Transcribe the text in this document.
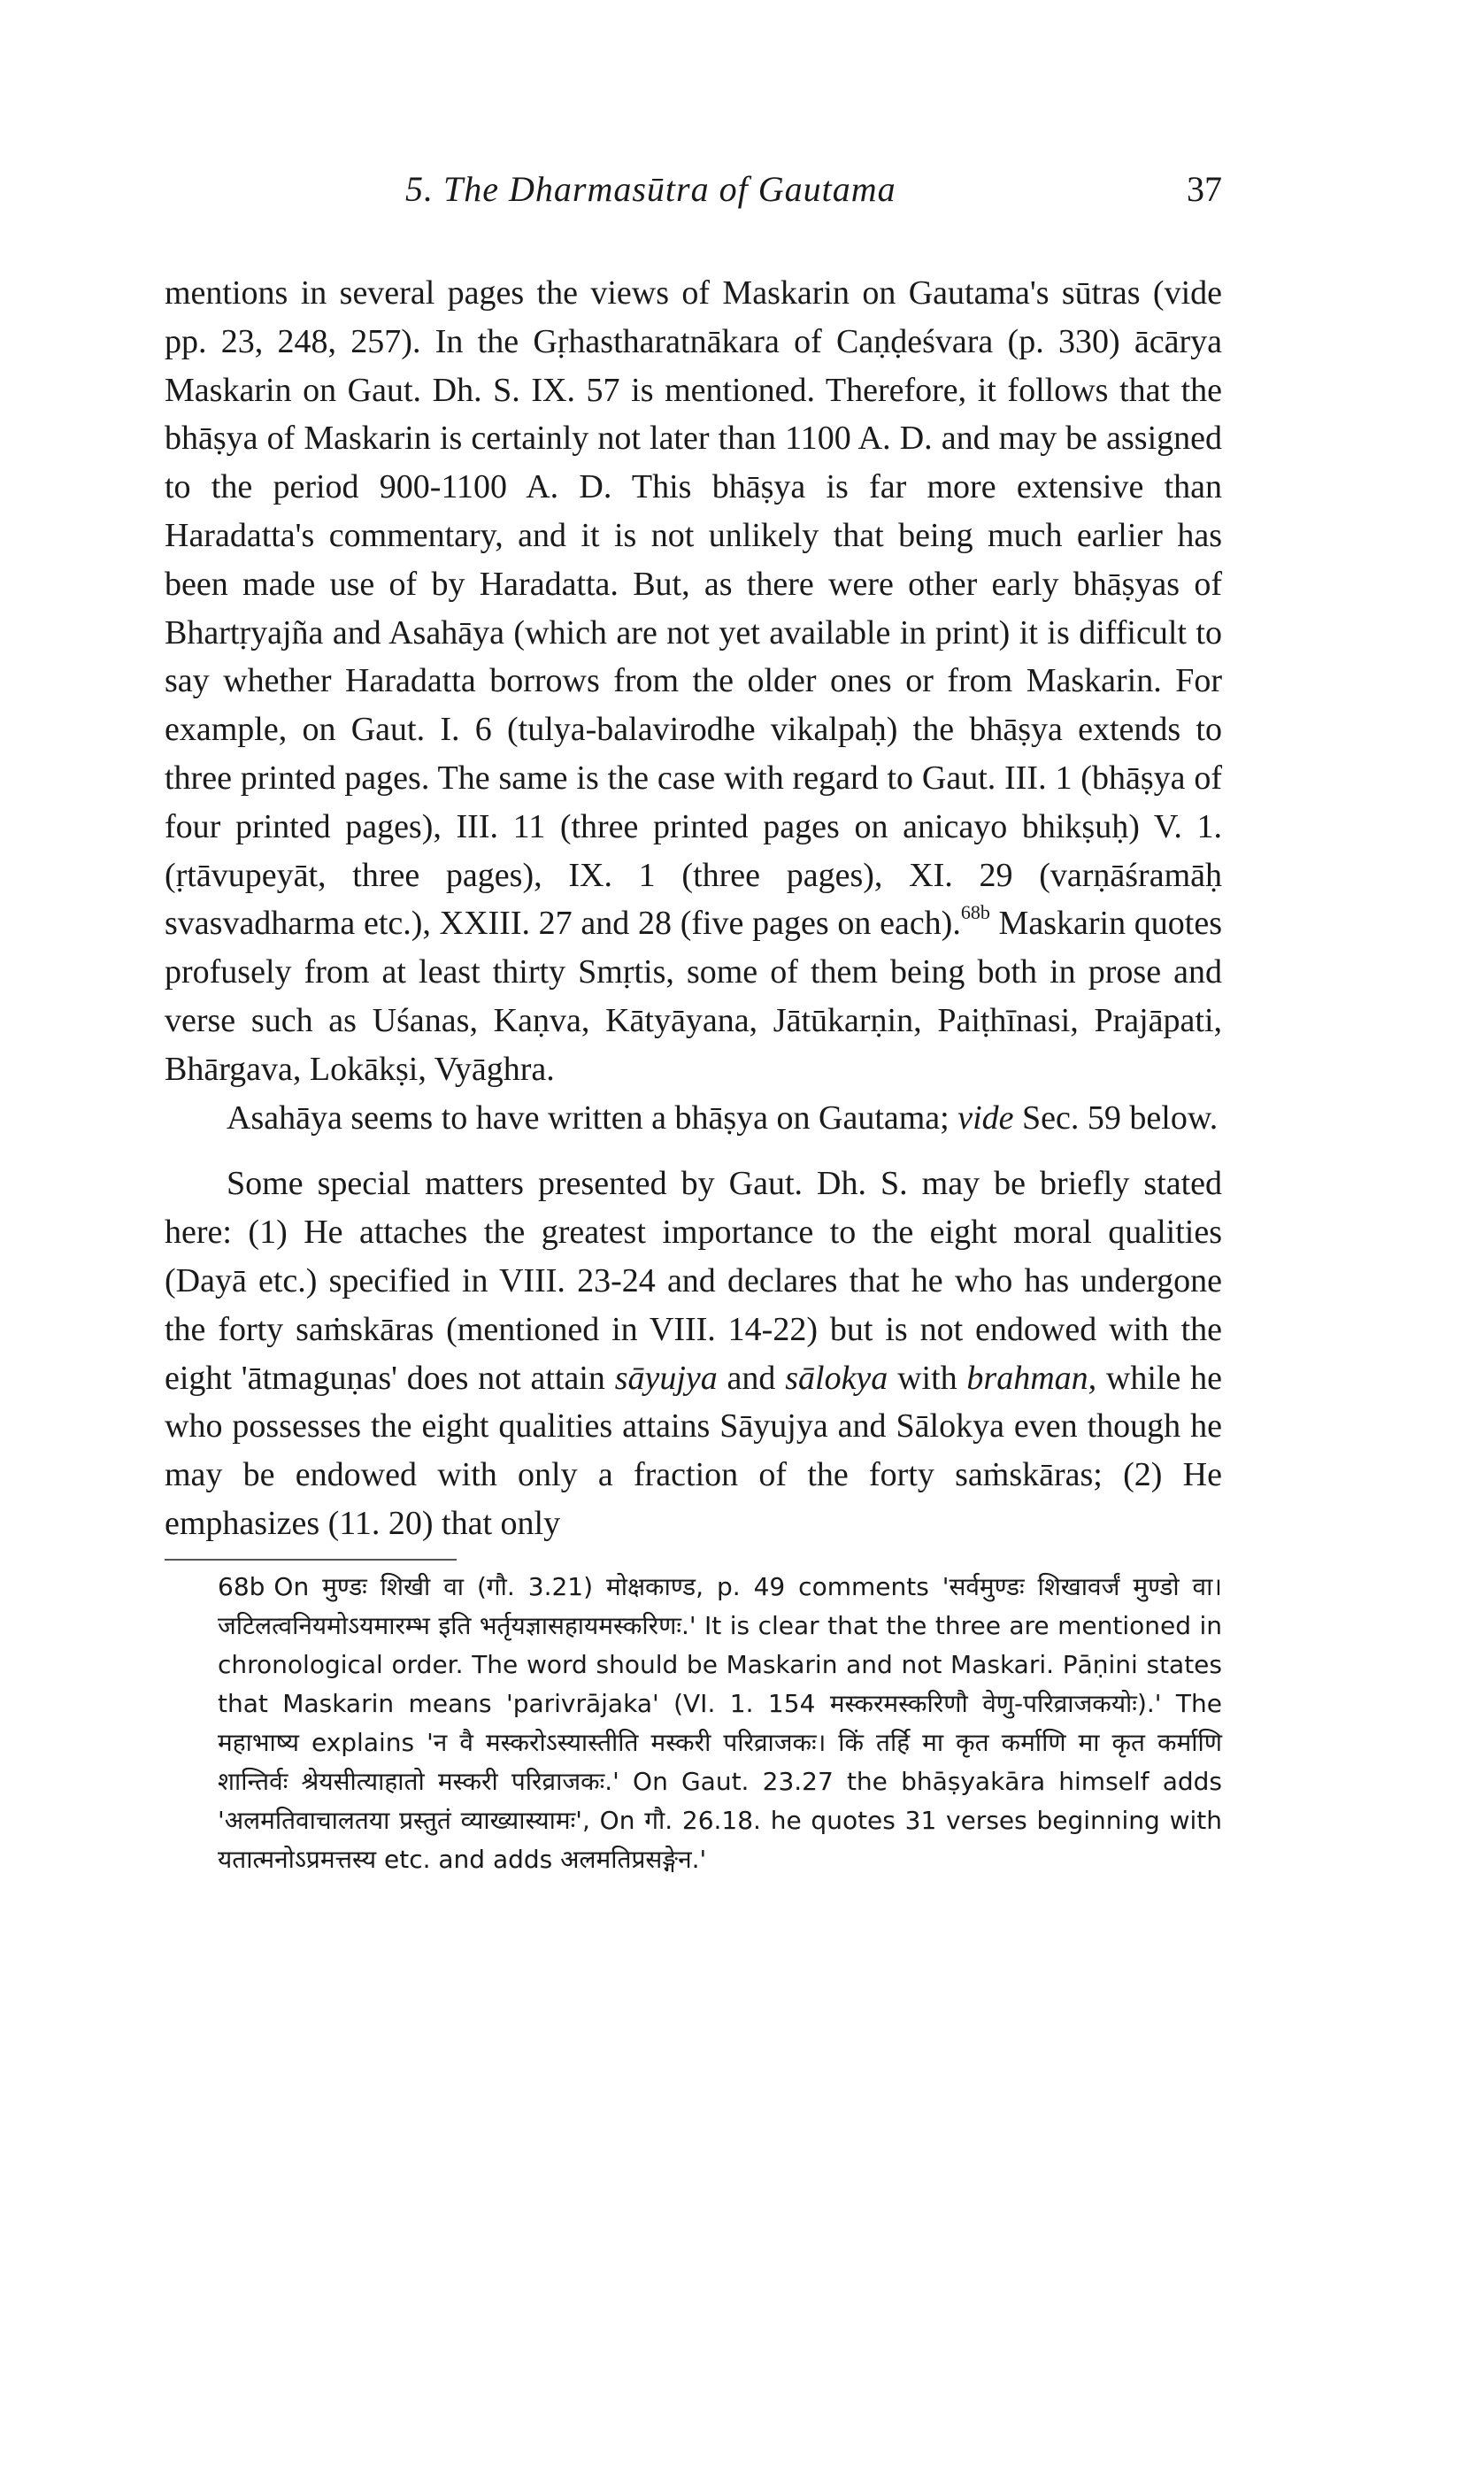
5. The Dharmasūtra of Gautama	37

mentions in several pages the views of Maskarin on Gautama's sūtras (vide pp. 23, 248, 257). In the Gṛhastharatnākara of Caṇḍeśvara (p. 330) ācārya Maskarin on Gaut. Dh. S. IX. 57 is mentioned. Therefore, it follows that the bhāṣya of Maskarin is certainly not later than 1100 A. D. and may be assigned to the period 900-1100 A. D. This bhāṣya is far more extensive than Haradatta's commentary, and it is not unlikely that being much earlier has been made use of by Haradatta. But, as there were other early bhāṣyas of Bhartṛyajña and Asahāya (which are not yet available in print) it is difficult to say whether Haradatta borrows from the older ones or from Maskarin. For example, on Gaut. I. 6 (tulya-balavirodhe vikalpaḥ) the bhāṣya extends to three printed pages. The same is the case with regard to Gaut. III. 1 (bhāṣya of four printed pages), III. 11 (three printed pages on anicayo bhikṣuḥ) V. 1. (ṛtāvupeyāt, three pages), IX. 1 (three pages), XI. 29 (varṇāśramāḥ svasvadharma etc.), XXIII. 27 and 28 (five pages on each).$^{68b}$ Maskarin quotes profusely from at least thirty Smṛtis, some of them being both in prose and verse such as Uśanas, Kaṇva, Kātyāyana, Jātūkarṇin, Paiṭhīnasi, Prajāpati, Bhārgava, Lokākṣi, Vyāghra.

Asahāya seems to have written a bhāṣya on Gautama; vide Sec. 59 below.

Some special matters presented by Gaut. Dh. S. may be briefly stated here: (1) He attaches the greatest importance to the eight moral qualities (Dayā etc.) specified in VIII. 23-24 and declares that he who has undergone the forty saṁskāras (mentioned in VIII. 14-22) but is not endowed with the eight 'ātmaguṇas' does not attain sāyujya and sālokya with brahman, while he who possesses the eight qualities attains Sāyujya and Sālokya even though he may be endowed with only a fraction of the forty saṁskāras; (2) He emphasizes (11. 20) that only

68b On मुण्डः शिखी वा (गौ. 3.21) मोक्षकाण्ड, p. 49 comments 'सर्वमुण्डः शिखावर्जं मुण्डो वा। जटिलत्वनियमोऽयमारम्भ इति भर्तृयज्ञासहायमस्करिणः.' It is clear that the three are mentioned in chronological order. The word should be Maskarin and not Maskari. Pāṇini states that Maskarin means 'parivrājaka' (VI. 1. 154 मस्करमस्करिणौ वेणु-परिव्राजकयोः).' The महाभाष्य explains 'न वै मस्करोऽस्यास्तीति मस्करी परिव्राजकः। किं तर्हि मा कृत कर्माणि मा कृत कर्माणि शान्तिर्वः श्रेयसीत्याहातो मस्करी परिव्राजकः.' On Gaut. 23.27 the bhāṣyakāra himself adds 'अलमतिवाचालतया प्रस्तुतं व्याख्यास्यामः', On गौ. 26.18. he quotes 31 verses beginning with यतात्मनोऽप्रमत्तस्य etc. and adds अलमतिप्रसङ्गेन.'
